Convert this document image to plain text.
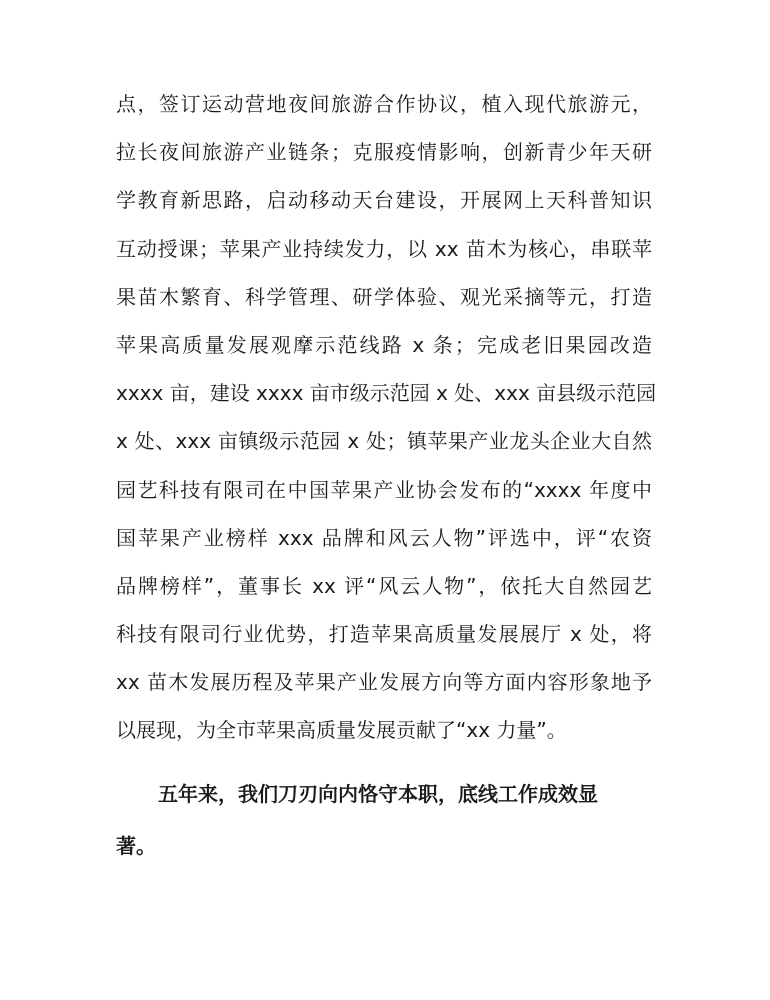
点，签订运动营地夜间旅游合作协议，植入现代旅游元，
拉长夜间旅游产业链条；克服疫情影响，创新青少年天研
学教育新思路，启动移动天台建设，开展网上天科普知识
互动授课；苹果产业持续发力，以 xx 苗木为核心，串联苹
果苗木繁育、科学管理、研学体验、观光采摘等元，打造
苹果高质量发展观摩示范线路 x 条；完成老旧果园改造
xxxx 亩，建设 xxxx 亩市级示范园 x 处、xxx 亩县级示范园
x 处、xxx 亩镇级示范园 x 处；镇苹果产业龙头企业大自然
园艺科技有限司在中国苹果产业协会发布的“xxxx 年度中
国苹果产业榜样 xxx 品牌和风云人物”评选中，评“农资
品牌榜样”，董事长 xx 评“风云人物”，依托大自然园艺
科技有限司行业优势，打造苹果高质量发展展厅 x 处，将
xx 苗木发展历程及苹果产业发展方向等方面内容形象地予
以展现，为全市苹果高质量发展贡献了“xx 力量”。
五年来，我们刀刃向内恪守本职，底线工作成效显
著。
